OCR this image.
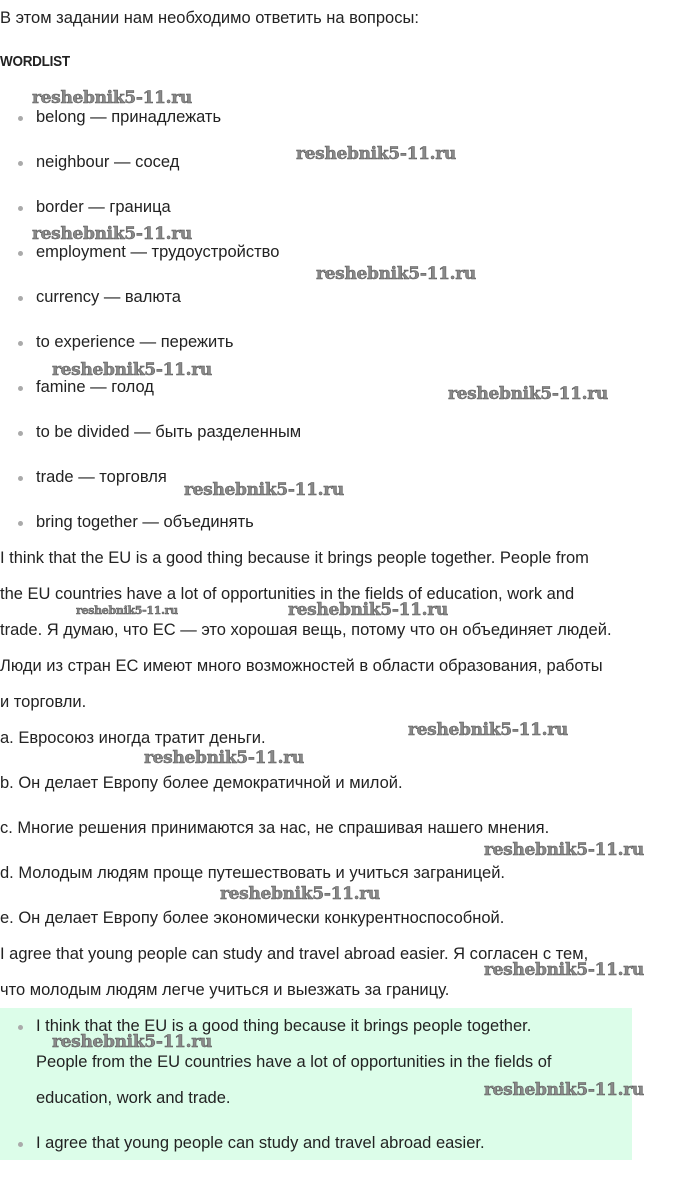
В этом задании нам необходимо ответить на вопросы:
WORDLIST
belong — принадлежать
neighbour — сосед
border — граница
employment — трудоустройство
currency — валюта
to experience — пережить
famine — голод
to be divided — быть разделенным
trade — торговля
bring together — объединять
I think that the EU is a good thing because it brings people together. People from
the EU countries have a lot of opportunities in the fields of education, work and
trade. Я думаю, что ЕС — это хорошая вещь, потому что он объединяет людей.
Люди из стран ЕС имеют много возможностей в области образования, работы
и торговли.
a. Евросоюз иногда тратит деньги.
b. Он делает Европу более демократичной и милой.
c. Многие решения принимаются за нас, не спрашивая нашего мнения.
d. Молодым людям проще путешествовать и учиться заграницей.
e. Он делает Европу более экономически конкурентноспособной.
I agree that young people can study and travel abroad easier. Я согласен с тем,
что молодым людям легче учиться и выезжать за границу.
I think that the EU is a good thing because it brings people together.
People from the EU countries have a lot of opportunities in the fields of
education, work and trade.
I agree that young people can study and travel abroad easier.
reshebnik5-11.ru
reshebnik5-11.ru
reshebnik5-11.ru
reshebnik5-11.ru
reshebnik5-11.ru
reshebnik5-11.ru
reshebnik5-11.ru
reshebnik5-11.ru	reshebnik5-11.ru
reshebnik5-11.ru
reshebnik5-11.ru
reshebnik5-11.ru
reshebnik5-11.ru
reshebnik5-11.ru
reshebnik5-11.ru
reshebnik5-11.ru
